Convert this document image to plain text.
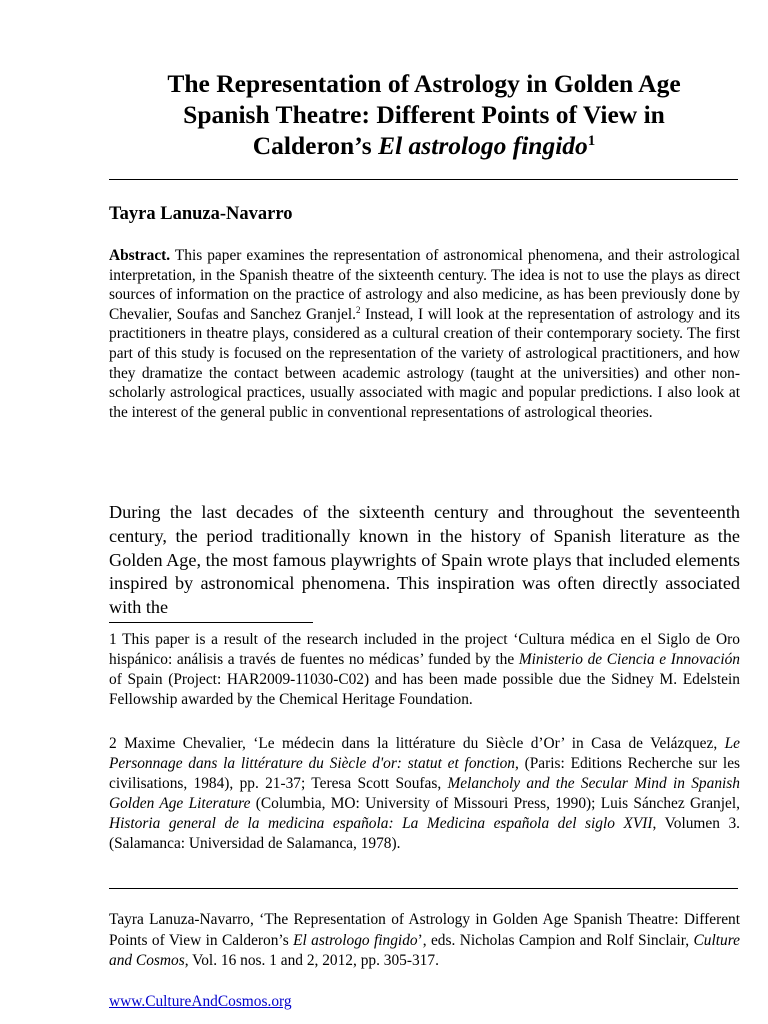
The Representation of Astrology in Golden Age
Spanish Theatre: Different Points of View in
Calderon’s El astrologo fingido$^1$
Tayra Lanuza-Navarro
Abstract. This paper examines the representation of astronomical phenomena, and their astrological interpretation, in the Spanish theatre of the sixteenth century. The idea is not to use the plays as direct sources of information on the practice of astrology and also medicine, as has been previously done by Chevalier, Soufas and Sanchez Granjel.$^2$ Instead, I will look at the representation of astrology and its practitioners in theatre plays, considered as a cultural creation of their contemporary society. The first part of this study is focused on the representation of the variety of astrological practitioners, and how they dramatize the contact between academic astrology (taught at the universities) and other non-scholarly astrological practices, usually associated with magic and popular predictions. I also look at the interest of the general public in conventional representations of astrological theories.
During the last decades of the sixteenth century and throughout the seventeenth century, the period traditionally known in the history of Spanish literature as the Golden Age, the most famous playwrights of Spain wrote plays that included elements inspired by astronomical phenomena. This inspiration was often directly associated with the
1 This paper is a result of the research included in the project ‘Cultura médica en el Siglo de Oro hispánico: análisis a través de fuentes no médicas’ funded by the Ministerio de Ciencia e Innovación of Spain (Project: HAR2009-11030-C02) and has been made possible due the Sidney M. Edelstein Fellowship awarded by the Chemical Heritage Foundation.
2 Maxime Chevalier, ‘Le médecin dans la littérature du Siècle d’Or’ in Casa de Velázquez, Le Personnage dans la littérature du Siècle d'or: statut et fonction, (Paris: Editions Recherche sur les civilisations, 1984), pp. 21-37; Teresa Scott Soufas, Melancholy and the Secular Mind in Spanish Golden Age Literature (Columbia, MO: University of Missouri Press, 1990); Luis Sánchez Granjel, Historia general de la medicina española: La Medicina española del siglo XVII, Volumen 3. (Salamanca: Universidad de Salamanca, 1978).
Tayra Lanuza-Navarro, ‘The Representation of Astrology in Golden Age Spanish Theatre: Different Points of View in Calderon’s El astrologo fingido’, eds. Nicholas Campion and Rolf Sinclair, Culture and Cosmos, Vol. 16 nos. 1 and 2, 2012, pp. 305-317.
www.CultureAndCosmos.org
